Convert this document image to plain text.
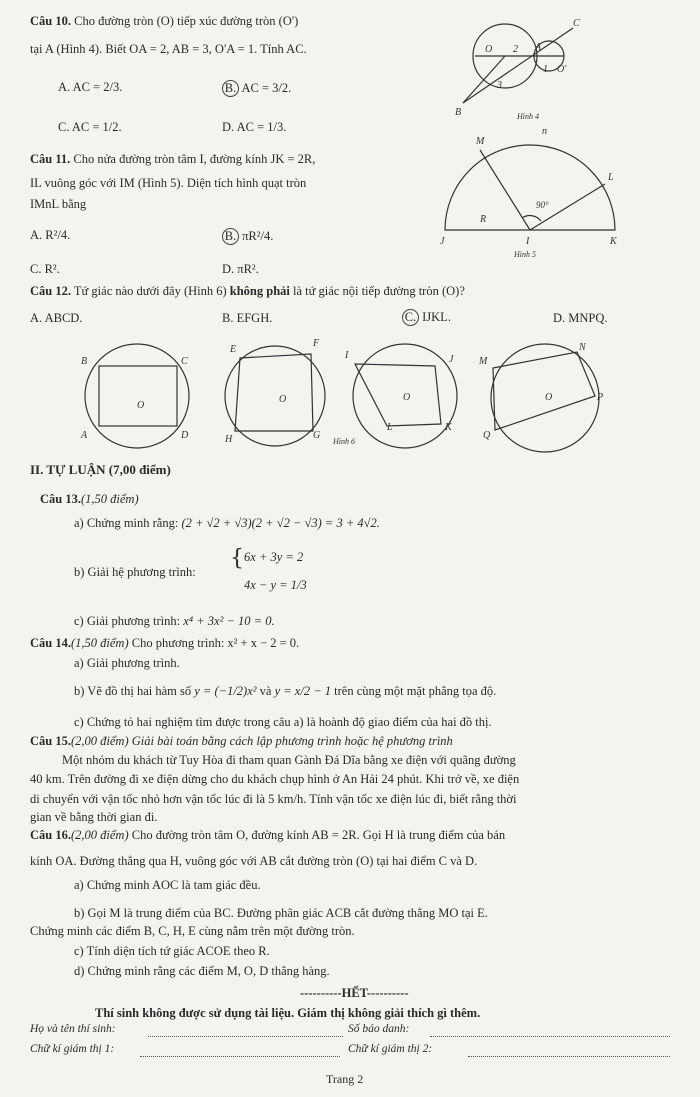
Câu 10. Cho đường tròn (O) tiếp xúc đường tròn (O')
tại A (Hình 4). Biết OA = 2, AB = 3, O'A = 1. Tính AC.
A. AC = 2/3.	B. AC = 3/2.
C. AC = 1/2.	D. AC = 1/3.
O 2 A
1 O'
3
B
C
Hình 4
Câu 11. Cho nửa đường tròn tâm I, đường kính JK = 2R,
IL vuông góc với IM (Hình 5). Diện tích hình quạt tròn
IMnL bằng
A. R²/4.	B. πR²/4.
C. R².	D. πR².
M
n
L
90°
R
J	I	K
Hình 5
Câu 12. Tứ giác nào dưới đây (Hình 6) không phải là tứ giác nội tiếp đường tròn (O)?
A. ABCD.	B. EFGH.	C. IJKL.	D. MNPQ.
B	C
O
A	D
E
F
O
H	G
I	J
O
L	K
M
N
O	P
Q
Hình 6
II. TỰ LUẬN (7,00 điểm)
Câu 13.(1,50 điểm)
a) Chứng minh rằng: (2 + √2 + √3)(2 + √2 − √3) = 3 + 4√2.
b) Giải hệ phương trình:
{ 6x + 3y = 2
4x − y = 1/3
c) Giải phương trình: x⁴ + 3x² − 10 = 0.
Câu 14.(1,50 điểm) Cho phương trình: x² + x − 2 = 0.
a) Giải phương trình.
b) Vẽ đồ thị hai hàm số y = (−1/2)x² và y = x/2 − 1 trên cùng một mặt phẳng tọa độ.
c) Chứng tỏ hai nghiệm tìm được trong câu a) là hoành độ giao điểm của hai đồ thị.
Câu 15.(2,00 điểm) Giải bài toán bằng cách lập phương trình hoặc hệ phương trình
Một nhóm du khách từ Tuy Hòa đi tham quan Gành Đá Dĩa bằng xe điện với quãng đường
40 km. Trên đường đi xe điện dừng cho du khách chụp hình ở An Hải 24 phút. Khi trở về, xe điện
di chuyển với vận tốc nhỏ hơn vận tốc lúc đi là 5 km/h. Tính vận tốc xe điện lúc đi, biết rằng thời
gian về bằng thời gian đi.
Câu 16.(2,00 điểm) Cho đường tròn tâm O, đường kính AB = 2R. Gọi H là trung điểm của bán
kính OA. Đường thẳng qua H, vuông góc với AB cắt đường tròn (O) tại hai điểm C và D.
a) Chứng minh AOC là tam giác đều.
b) Gọi M là trung điểm của BC. Đường phân giác ACB cắt đường thẳng MO tại E.
Chứng minh các điểm B, C, H, E cùng nằm trên một đường tròn.
c) Tính diện tích tứ giác ACOE theo R.
d) Chứng minh rằng các điểm M, O, D thẳng hàng.
----------HẾT----------
Thí sinh không được sử dụng tài liệu. Giám thị không giải thích gì thêm.
Họ và tên thí sinh:	Số báo danh:
Chữ kí giám thị 1:	Chữ kí giám thị 2:
Trang 2
